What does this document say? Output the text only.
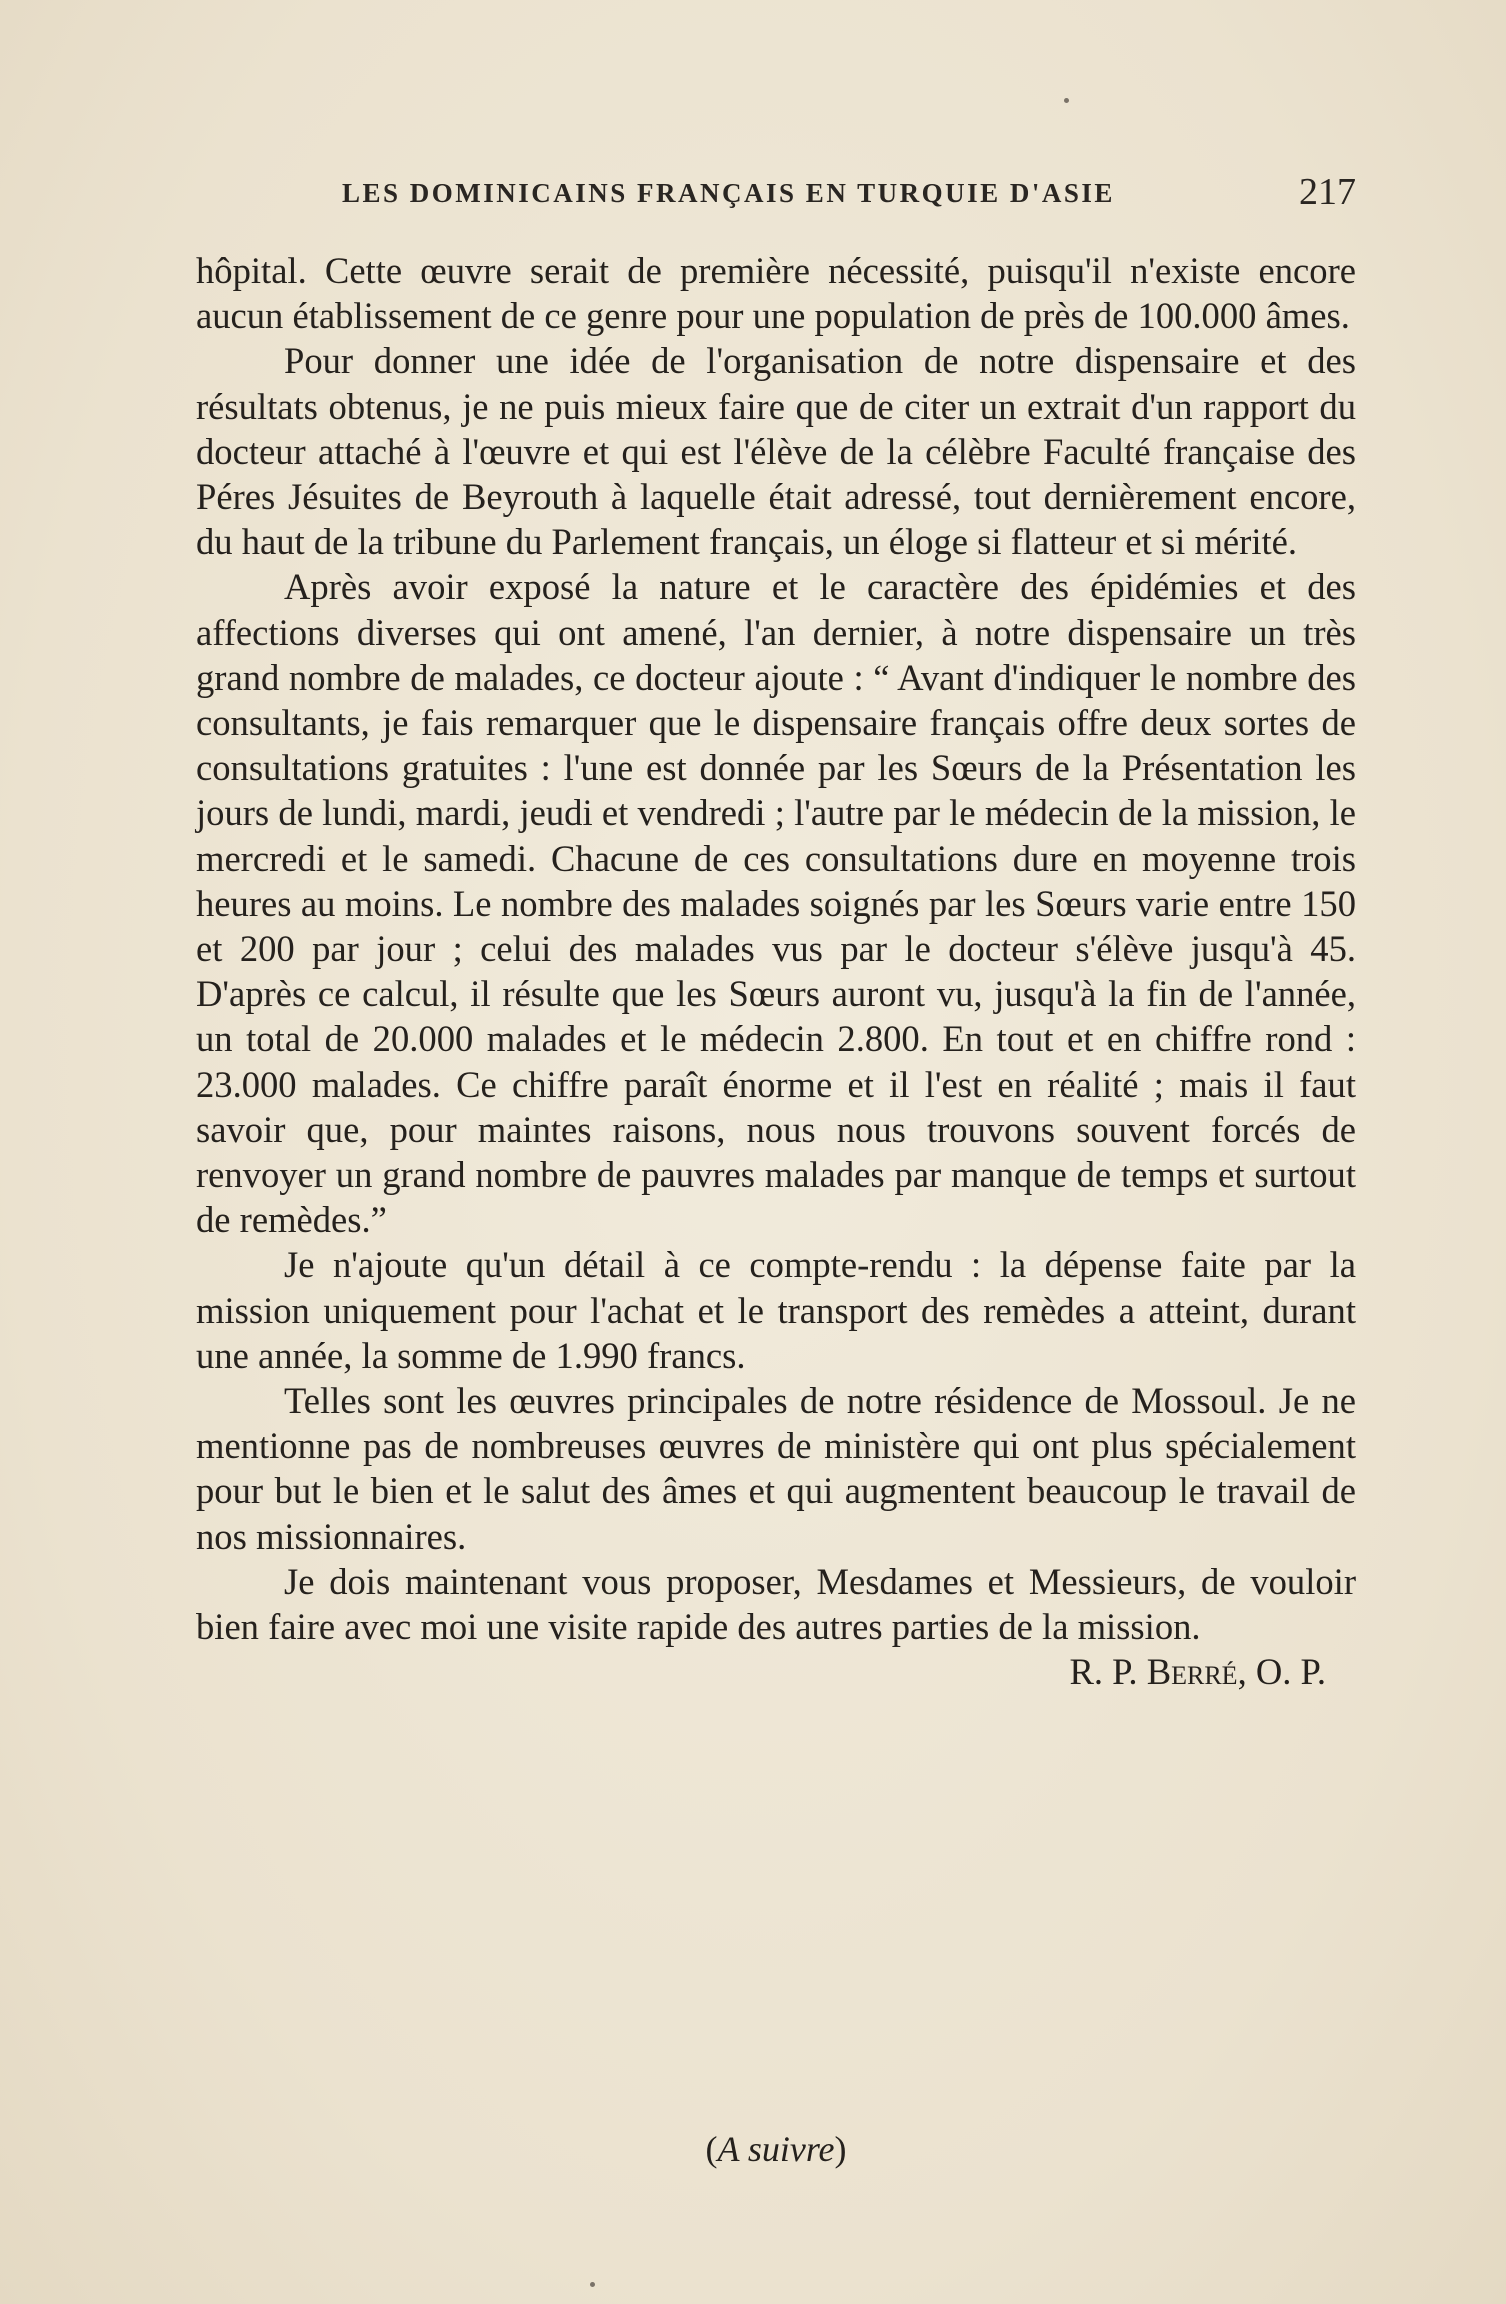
LES DOMINICAINS FRANÇAIS EN TURQUIE D'ASIE	217

hôpital. Cette œuvre serait de première nécessité, puisqu'il n'existe encore aucun établissement de ce genre pour une population de près de 100.000 âmes.

Pour donner une idée de l'organisation de notre dispensaire et des résultats obtenus, je ne puis mieux faire que de citer un extrait d'un rapport du docteur attaché à l'œuvre et qui est l'élève de la célèbre Faculté française des Péres Jésuites de Beyrouth à laquelle était adressé, tout dernièrement encore, du haut de la tribune du Parlement français, un éloge si flatteur et si mérité.

Après avoir exposé la nature et le caractère des épidémies et des affections diverses qui ont amené, l'an dernier, à notre dispensaire un très grand nombre de malades, ce docteur ajoute : “ Avant d'indiquer le nombre des consultants, je fais remarquer que le dispensaire français offre deux sortes de consultations gratuites : l'une est donnée par les Sœurs de la Présentation les jours de lundi, mardi, jeudi et vendredi ; l'autre par le médecin de la mission, le mercredi et le samedi. Chacune de ces consultations dure en moyenne trois heures au moins. Le nombre des malades soignés par les Sœurs varie entre 150 et 200 par jour ; celui des malades vus par le docteur s'élève jusqu'à 45. D'après ce calcul, il résulte que les Sœurs auront vu, jusqu'à la fin de l'année, un total de 20.000 malades et le médecin 2.800. En tout et en chiffre rond : 23.000 malades. Ce chiffre paraît énorme et il l'est en réalité ; mais il faut savoir que, pour maintes raisons, nous nous trouvons souvent forcés de renvoyer un grand nombre de pauvres malades par manque de temps et surtout de remèdes.”

Je n'ajoute qu'un détail à ce compte-rendu : la dépense faite par la mission uniquement pour l'achat et le transport des remèdes a atteint, durant une année, la somme de 1.990 francs.

Telles sont les œuvres principales de notre résidence de Mossoul. Je ne mentionne pas de nombreuses œuvres de ministère qui ont plus spécialement pour but le bien et le salut des âmes et qui augmentent beaucoup le travail de nos missionnaires.

Je dois maintenant vous proposer, Mesdames et Messieurs, de vouloir bien faire avec moi une visite rapide des autres parties de la mission.
R. P. Berré, O. P.

(A suivre)
